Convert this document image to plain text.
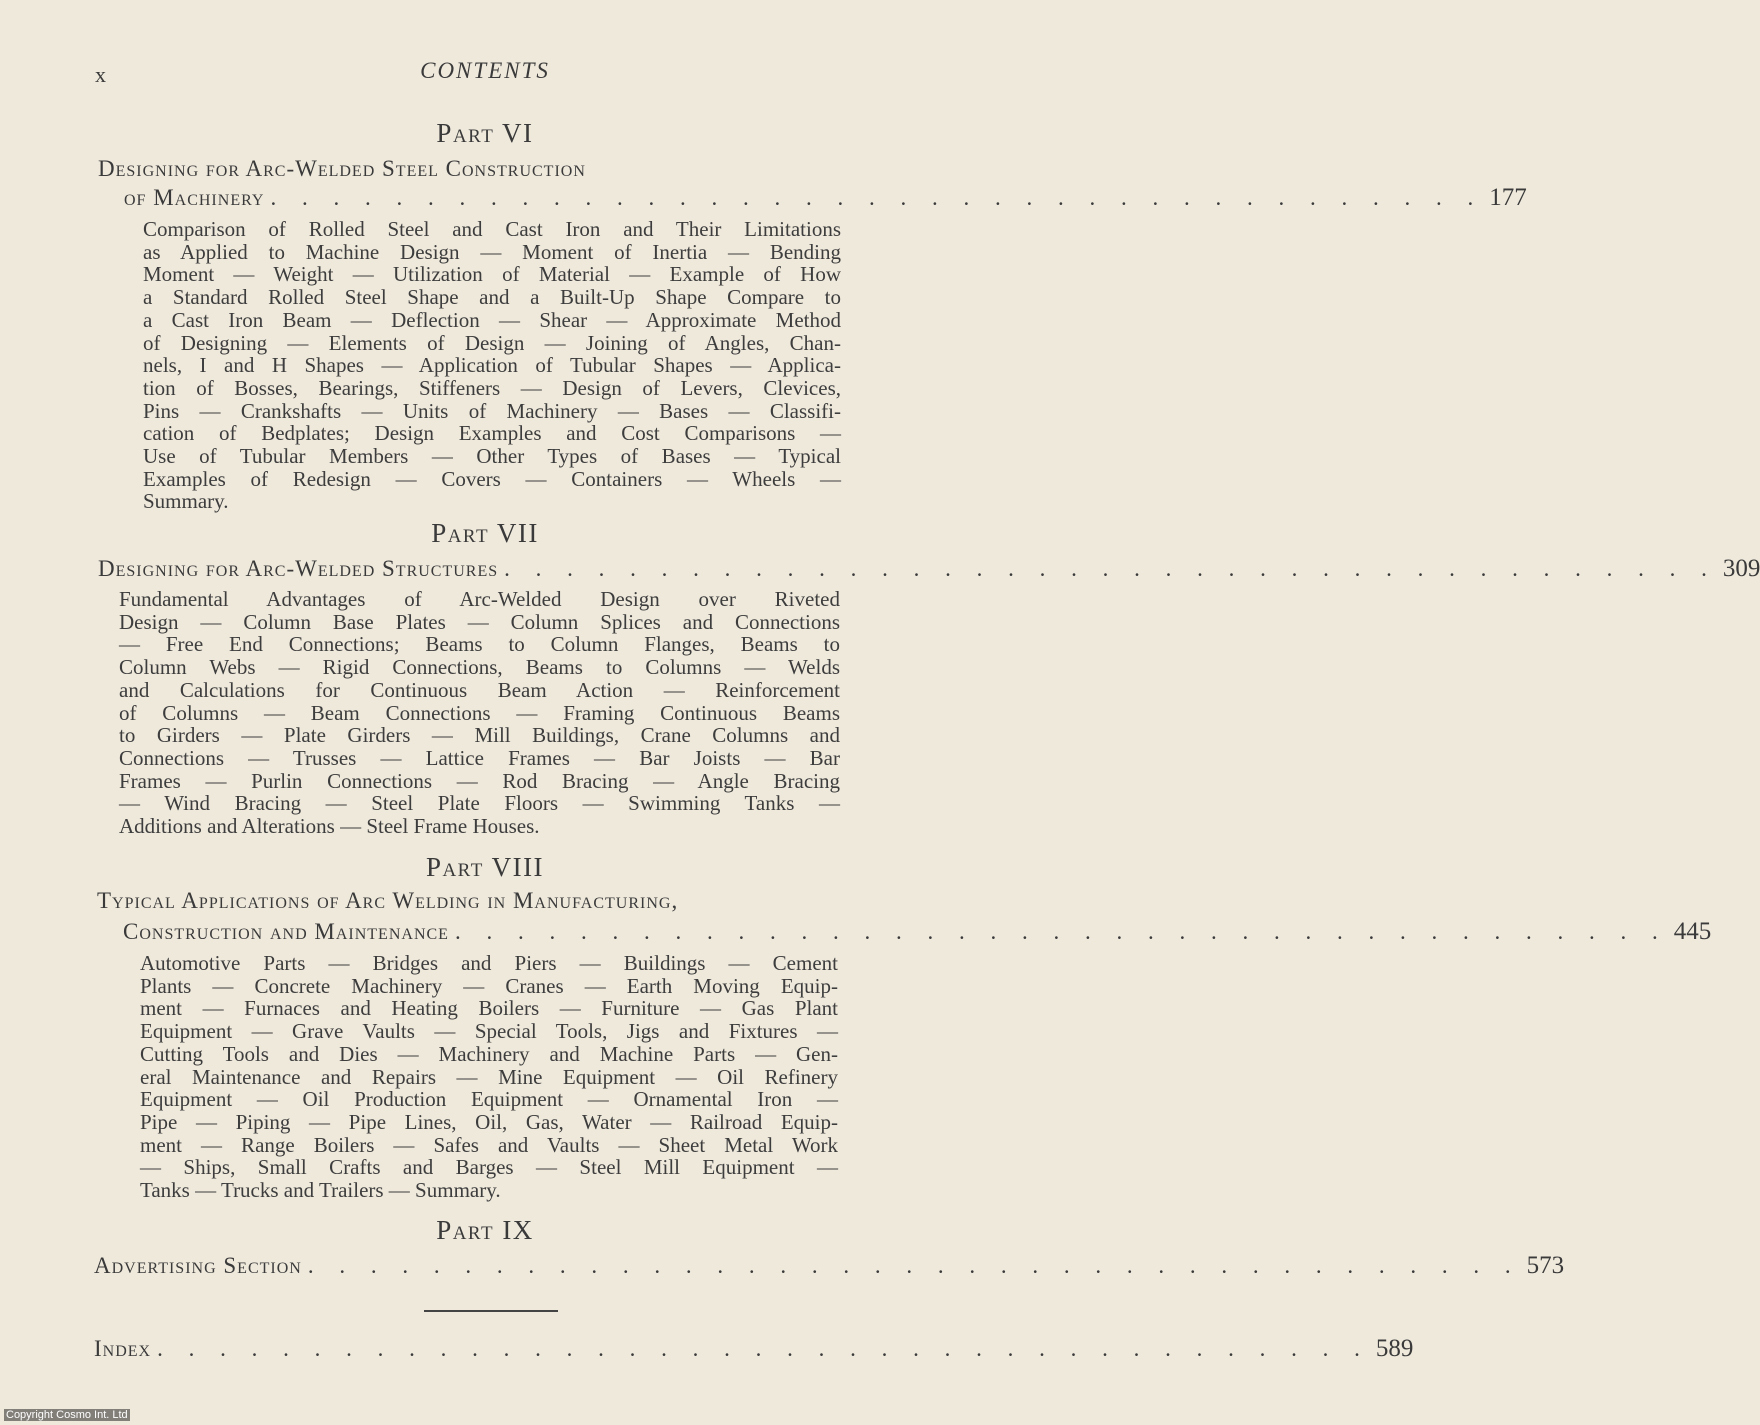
x	CONTENTS
Part VI
Designing for Arc-Welded Steel Construction
of Machinery . . . . . . . . . . . . . . . . . . . . . . . . . . . . . . . . . . . . . . . 177
Comparison of Rolled Steel and Cast Iron and Their Limitations
as Applied to Machine Design — Moment of Inertia — Bending
Moment — Weight — Utilization of Material — Example of How
a Standard Rolled Steel Shape and a Built-Up Shape Compare to
a Cast Iron Beam — Deflection — Shear — Approximate Method
of Designing — Elements of Design — Joining of Angles, Chan-
nels, I and H Shapes — Application of Tubular Shapes — Applica-
tion of Bosses, Bearings, Stiffeners — Design of Levers, Clevices,
Pins — Crankshafts — Units of Machinery — Bases — Classifi-
cation of Bedplates; Design Examples and Cost Comparisons —
Use of Tubular Members — Other Types of Bases — Typical
Examples of Redesign — Covers — Containers — Wheels —
Summary.
Part VII
Designing for Arc-Welded Structures . . . . . . . . . . . . . . . . . . . . . . . . . . . . . . . . . . . . . . . 309
Fundamental Advantages of Arc-Welded Design over Riveted
Design — Column Base Plates — Column Splices and Connections
— Free End Connections; Beams to Column Flanges, Beams to
Column Webs — Rigid Connections, Beams to Columns — Welds
and Calculations for Continuous Beam Action — Reinforcement
of Columns — Beam Connections — Framing Continuous Beams
to Girders — Plate Girders — Mill Buildings, Crane Columns and
Connections — Trusses — Lattice Frames — Bar Joists — Bar
Frames — Purlin Connections — Rod Bracing — Angle Bracing
— Wind Bracing — Steel Plate Floors — Swimming Tanks —
Additions and Alterations — Steel Frame Houses.
Part VIII
Typical Applications of Arc Welding in Manufacturing,
Construction and Maintenance . . . . . . . . . . . . . . . . . . . . . . . . . . . . . . . . . . . . . . . 445
Automotive Parts — Bridges and Piers — Buildings — Cement
Plants — Concrete Machinery — Cranes — Earth Moving Equip-
ment — Furnaces and Heating Boilers — Furniture — Gas Plant
Equipment — Grave Vaults — Special Tools, Jigs and Fixtures —
Cutting Tools and Dies — Machinery and Machine Parts — Gen-
eral Maintenance and Repairs — Mine Equipment — Oil Refinery
Equipment — Oil Production Equipment — Ornamental Iron —
Pipe — Piping — Pipe Lines, Oil, Gas, Water — Railroad Equip-
ment — Range Boilers — Safes and Vaults — Sheet Metal Work
— Ships, Small Crafts and Barges — Steel Mill Equipment —
Tanks — Trucks and Trailers — Summary.
Part IX
Advertising Section . . . . . . . . . . . . . . . . . . . . . . . . . . . . . . . . . . . . . . . 573
Index . . . . . . . . . . . . . . . . . . . . . . . . . . . . . . . . . . . . . . . 589
Copyright Cosmo Int. Ltd
